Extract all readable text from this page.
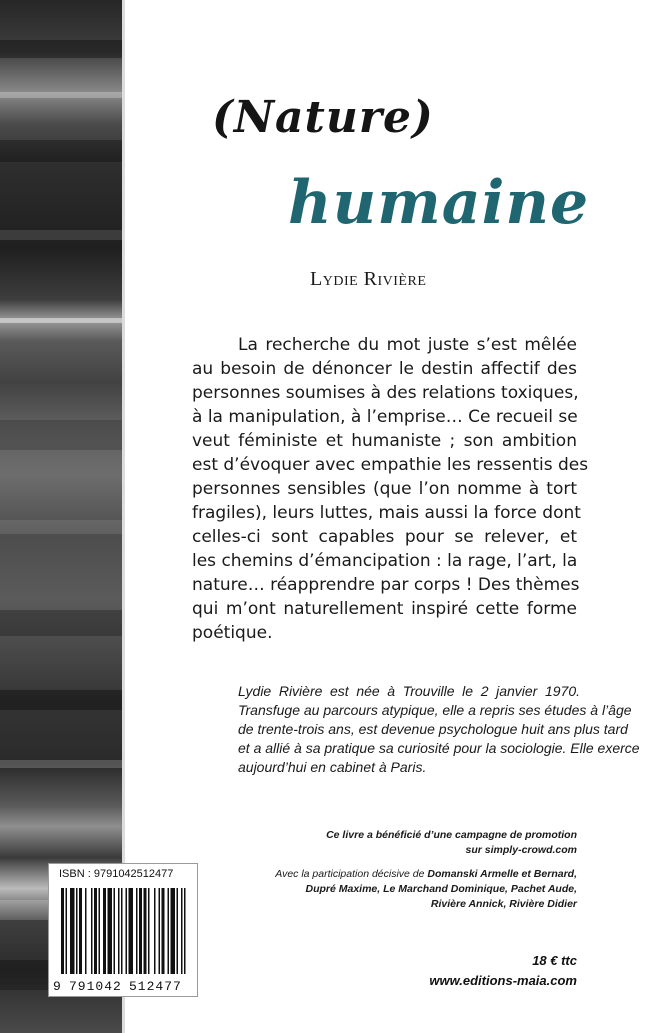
(Nature)
humaine
Lydie Rivière
La recherche du mot juste s’est mêlée
au besoin de dénoncer le destin affectif des
personnes soumises à des relations toxiques,
à la manipulation, à l’emprise… Ce recueil se
veut féministe et humaniste ; son ambition
est d’évoquer avec empathie les ressentis des
personnes sensibles (que l’on nomme à tort
fragiles), leurs luttes, mais aussi la force dont
celles-ci sont capables pour se relever, et
les chemins d’émancipation : la rage, l’art, la
nature… réapprendre par corps ! Des thèmes
qui m’ont naturellement inspiré cette forme
poétique.
Lydie Rivière est née à Trouville le 2 janvier 1970.
Transfuge au parcours atypique, elle a repris ses études à l’âge
de trente-trois ans, est devenue psychologue huit ans plus tard
et a allié à sa pratique sa curiosité pour la sociologie. Elle exerce
aujourd’hui en cabinet à Paris.
Ce livre a bénéficié d’une campagne de promotion
sur simply-crowd.com
Avec la participation décisive de Domanski Armelle et Bernard,
Dupré Maxime, Le Marchand Dominique, Pachet Aude,
Rivière Annick, Rivière Didier
ISBN : 9791042512477
9 791042 512477
18 € ttc
www.editions-maia.com
